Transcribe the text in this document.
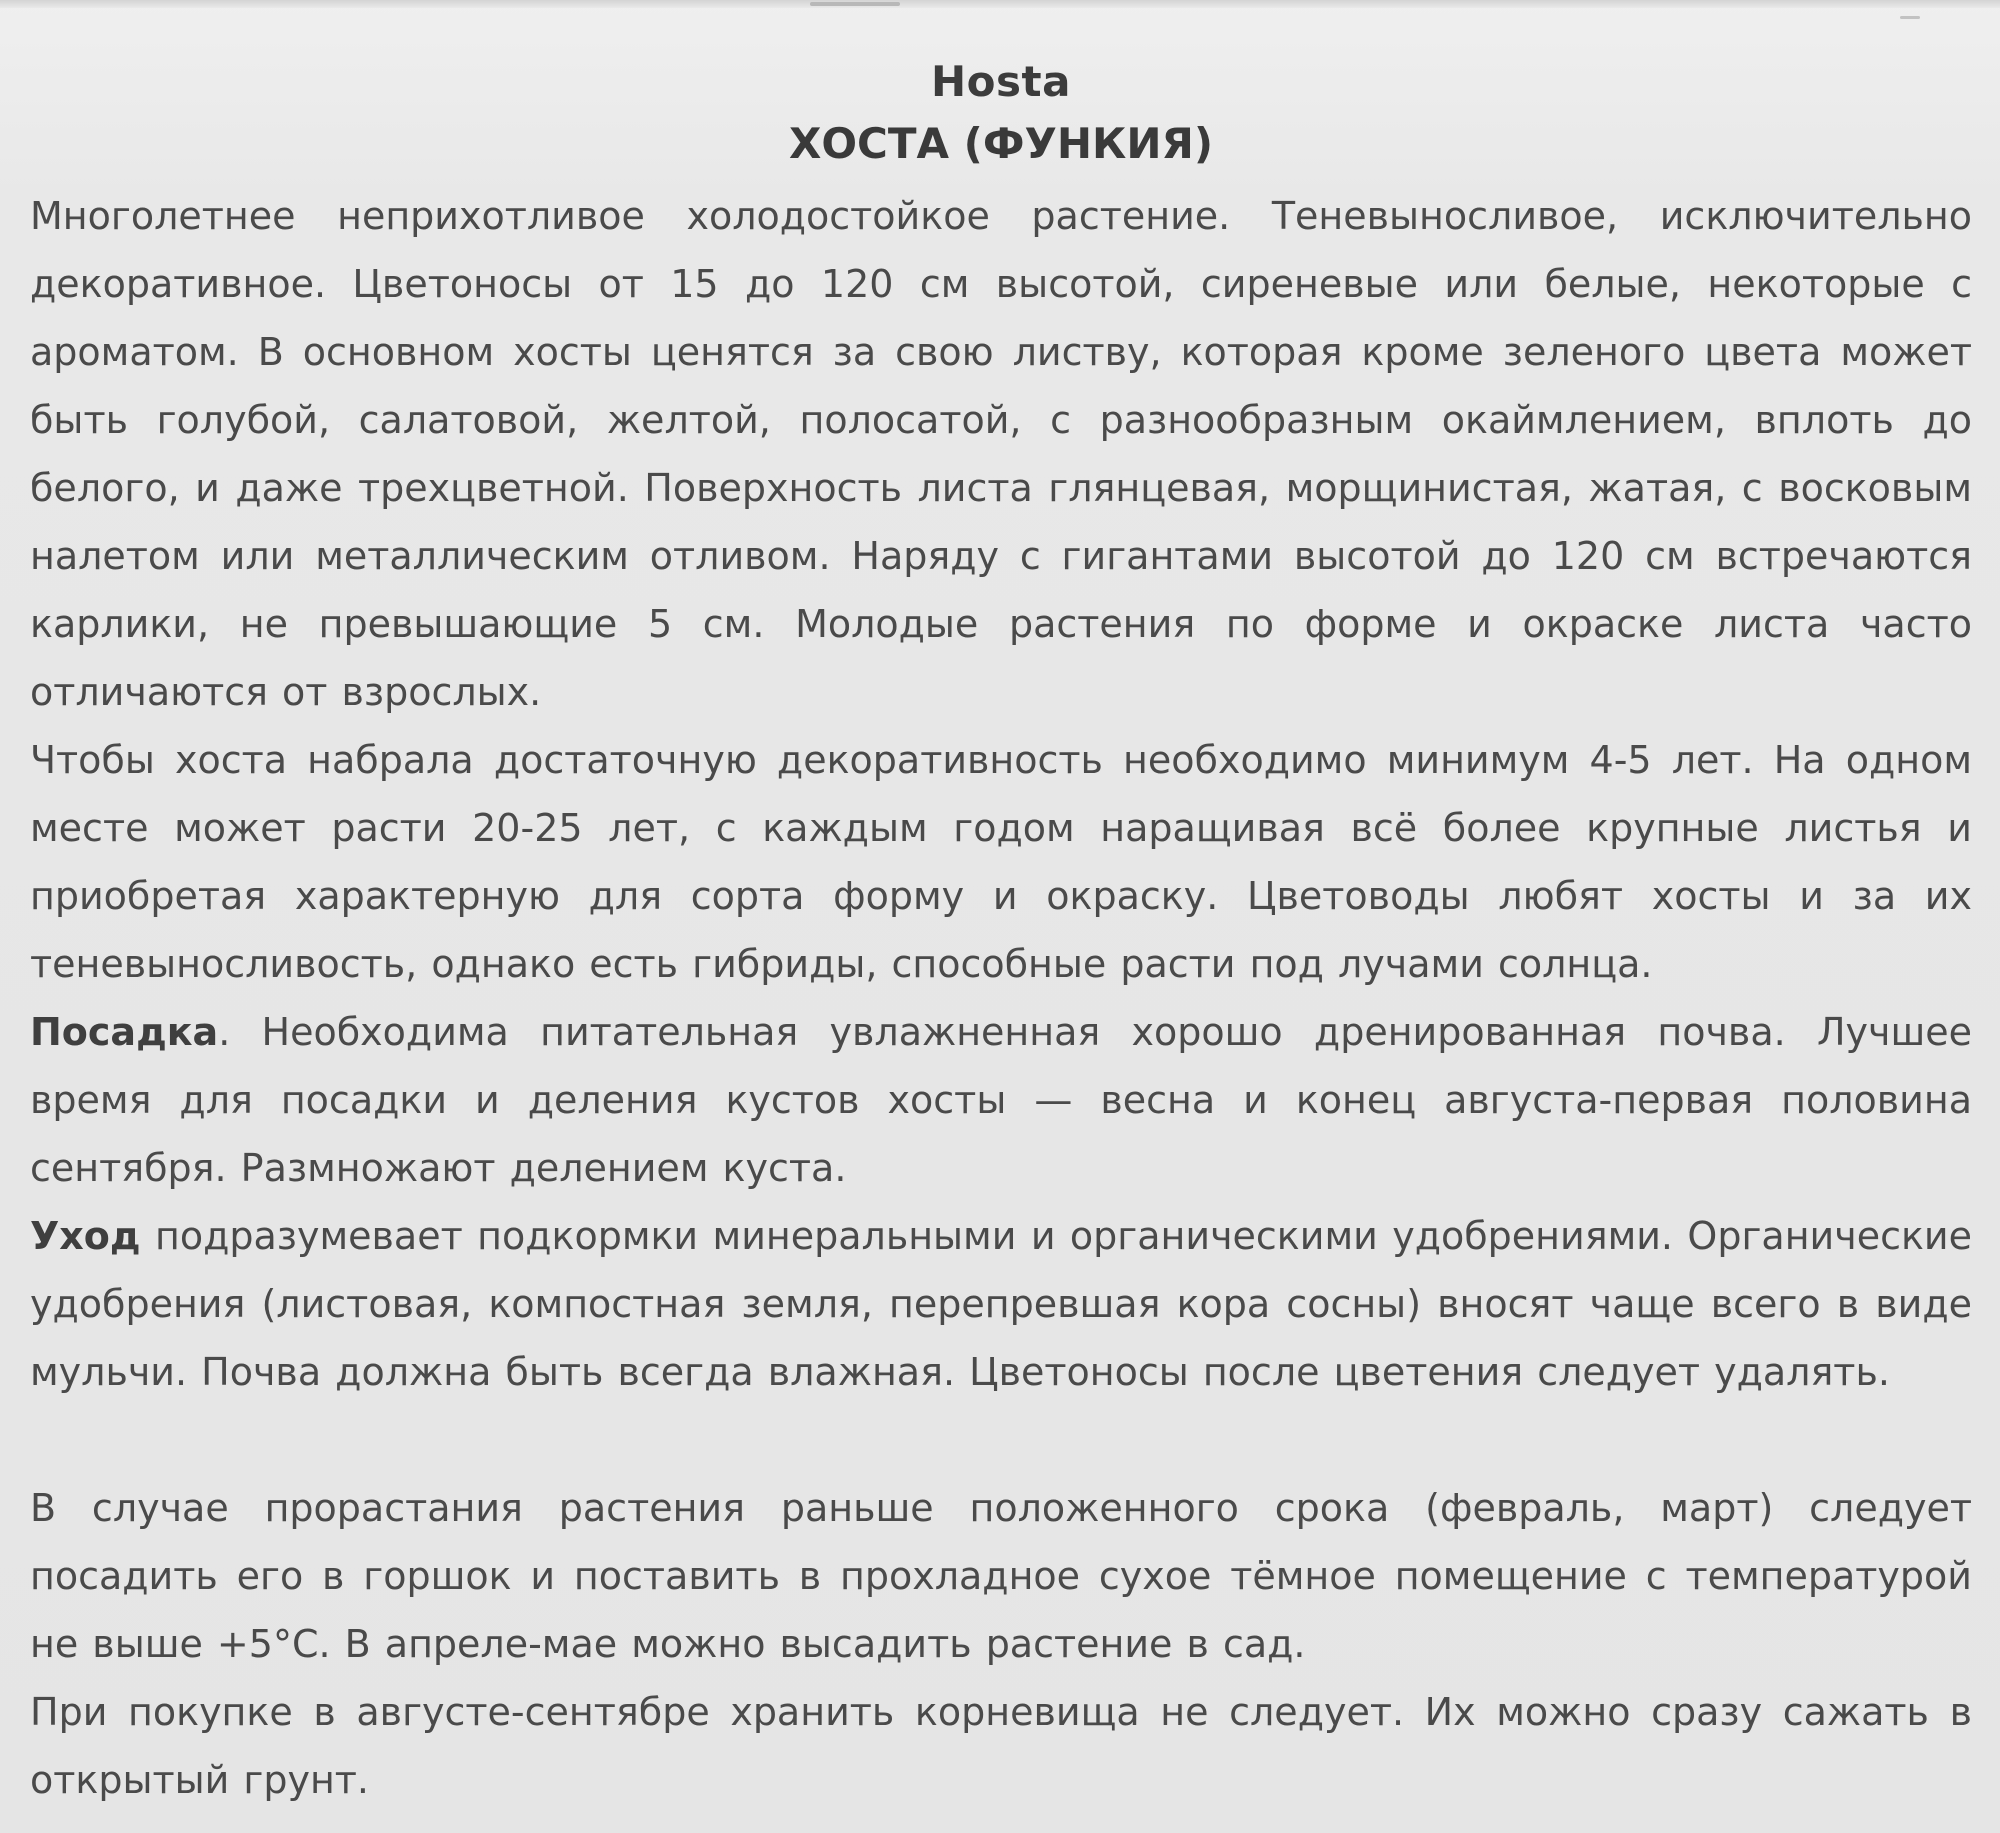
Hosta
ХОСТА (ФУНКИЯ)

Многолетнее неприхотливое холодостойкое растение. Теневыносливое, исключительно декоративное. Цветоносы от 15 до 120 см высотой, сиреневые или белые, некоторые с ароматом. В основном хосты ценятся за свою листву, которая кроме зеленого цвета может быть голубой, салатовой, желтой, полосатой, с разнообразным окаймлением, вплоть до белого, и даже трехцветной. Поверхность листа глянцевая, морщинистая, жатая, с восковым налетом или металлическим отливом. Наряду с гигантами высотой до 120 см встречаются карлики, не превышающие 5 см. Молодые растения по форме и окраске листа часто отличаются от взрослых.

Чтобы хоста набрала достаточную декоративность необходимо минимум 4-5 лет. На одном месте может расти 20-25 лет, с каждым годом наращивая всё более крупные листья и приобретая характерную для сорта форму и окраску. Цветоводы любят хосты и за их теневыносливость, однако есть гибриды, способные расти под лучами солнца.

Посадка. Необходима питательная увлажненная хорошо дренированная почва. Лучшее время для посадки и деления кустов хосты — весна и конец августа-первая половина сентября. Размножают делением куста.

Уход подразумевает подкормки минеральными и органическими удобрениями. Органические удобрения (листовая, компостная земля, перепревшая кора сосны) вносят чаще всего в виде мульчи. Почва должна быть всегда влажная. Цветоносы после цветения следует удалять.

В случае прорастания растения раньше положенного срока (февраль, март) следует посадить его в горшок и поставить в прохладное сухое тёмное помещение с температурой не выше +5°С. В апреле-мае можно высадить растение в сад.

При покупке в августе-сентябре хранить корневища не следует. Их можно сразу сажать в открытый грунт.
